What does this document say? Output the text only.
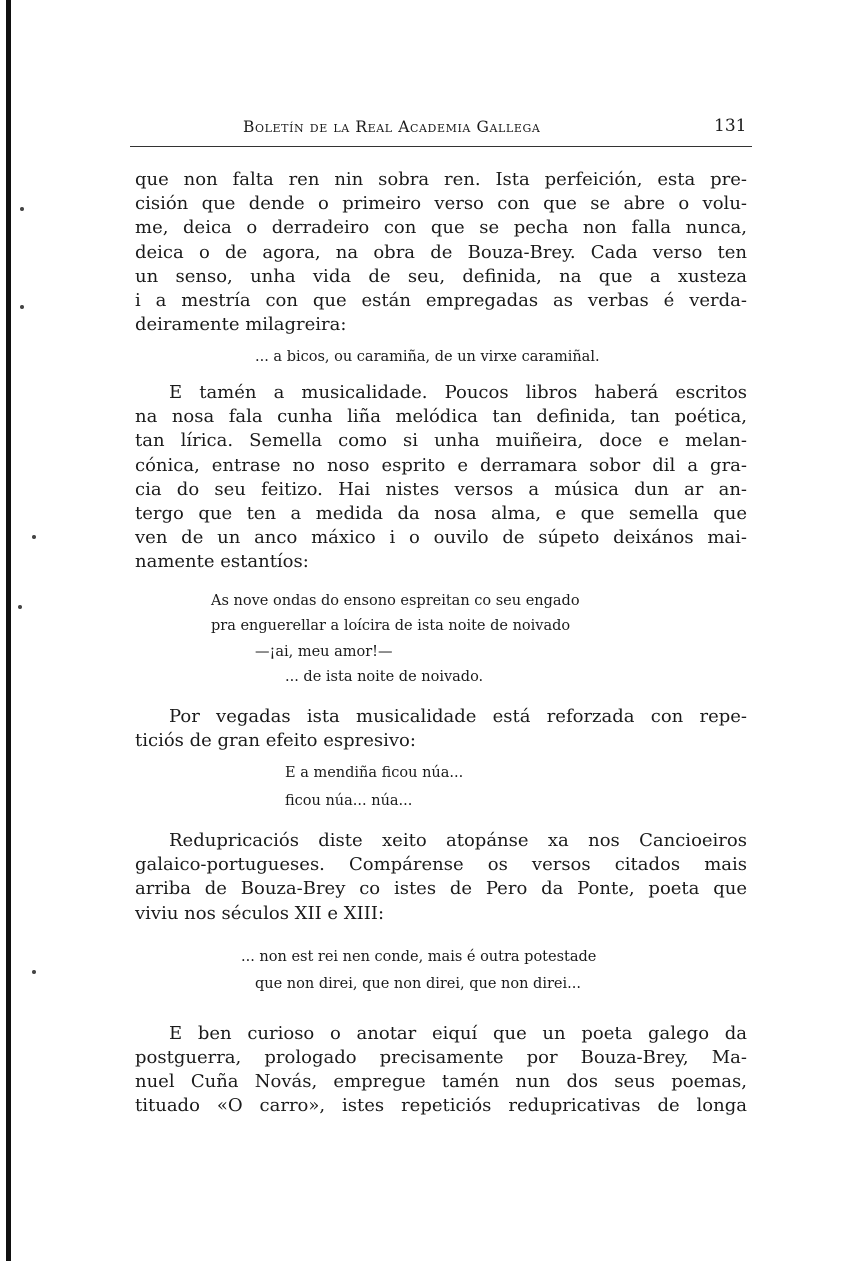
Boletín de la Real Academia Gallega	131

que non falta ren nin sobra ren. Ista perfeición, esta pre-
cisión que dende o primeiro verso con que se abre o volu-
me, deica o derradeiro con que se pecha non falla nunca,
deica o de agora, na obra de Bouza-Brey. Cada verso ten
un senso, unha vida de seu, definida, na que a xusteza
i a mestría con que están empregadas as verbas é verda-
deiramente milagreira:

... a bicos, ou caramiña, de un virxe caramiñal.

E tamén a musicalidade. Poucos libros haberá escritos
na nosa fala cunha liña melódica tan definida, tan poética,
tan lírica. Semella como si unha muiñeira, doce e melan-
cónica, entrase no noso esprito e derramara sobor dil a gra-
cia do seu feitizo. Hai nistes versos a música dun ar an-
tergo que ten a medida da nosa alma, e que semella que
ven de un anco máxico i o ouvilo de súpeto deixános mai-
namente estantíos:

As nove ondas do ensono espreitan co seu engado
pra enguerellar a loícira de ista noite de noivado
—¡ai, meu amor!—
... de ista noite de noivado.

Por vegadas ista musicalidade está reforzada con repe-
ticiós de gran efeito espresivo:

E a mendiña ficou núa...
ficou núa... núa...

Redupricaciós diste xeito atopánse xa nos Cancioeiros
galaico-portugueses. Compárense os versos citados mais
arriba de Bouza-Brey co istes de Pero da Ponte, poeta que
viviu nos séculos XII e XIII:

... non est rei nen conde, mais é outra potestade
que non direi, que non direi, que non direi...

E ben curioso o anotar eiquí que un poeta galego da
postguerra, prologado precisamente por Bouza-Brey, Ma-
nuel Cuña Novás, empregue tamén nun dos seus poemas,
tituado «O carro», istes repeticiós redupricativas de longa
